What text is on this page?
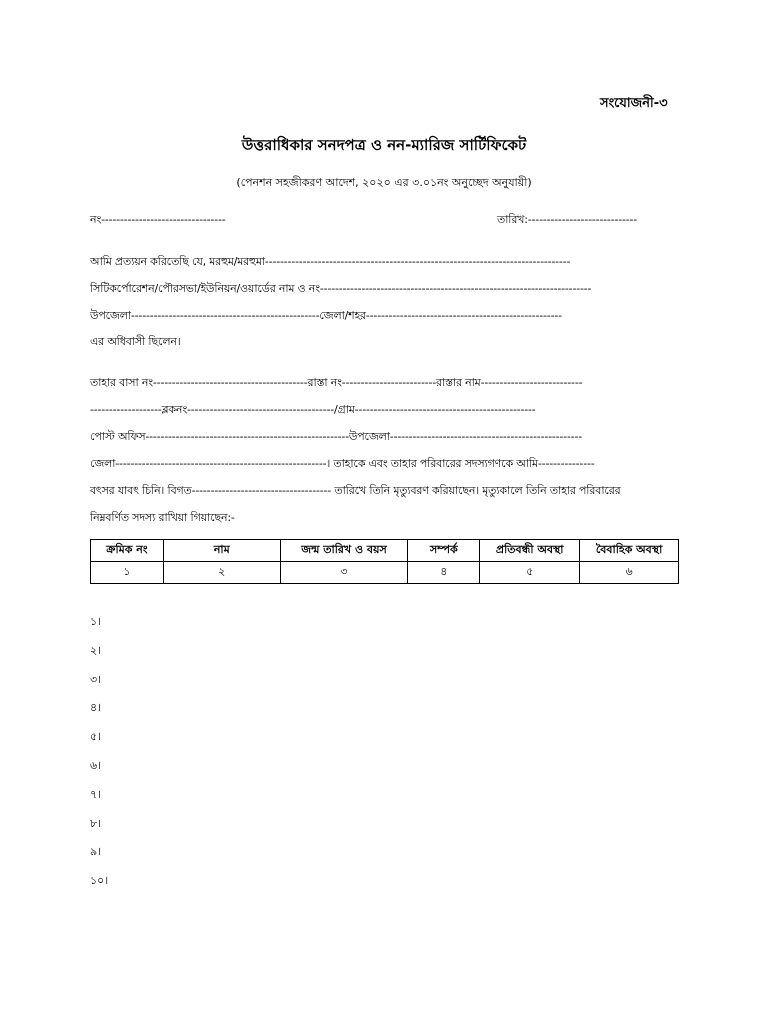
সংযোজনী-৩
উত্তরাধিকার সনদপত্র ও নন-ম্যারিজ সার্টিফিকেট
(পেনশন সহজীকরণ আদেশ, ২০২০ এর ৩.০১নং অনুচ্ছেদ অনুযায়ী)
নং---------------------------------	তারিখ:-----------------------------
আমি প্রত্যয়ন করিতেছি যে, মরহুম/মরহুমা---------------------------------------------------------------------------------
সিটিকর্পোরেশন/পৌরসভা/ইউনিয়ন/ওয়ার্ডের নাম ও নং------------------------------------------------------------------------
উপজেলা--------------------------------------------------জেলা/শহর----------------------------------------------------
এর অধিবাসী ছিলেন।
তাহার বাসা নং-----------------------------------------রাস্তা নং-------------------------রাস্তার নাম---------------------------
-------------------ব্লকনং---------------------------------------/গ্রাম------------------------------------------------
পোস্ট অফিস------------------------------------------------------উপজেলা---------------------------------------------------
জেলা--------------------------------------------------------। তাহাকে এবং তাহার পরিবারের সদস্যগণকে আমি---------------
বৎসর যাবৎ চিনি। বিগত------------------------------------- তারিখে তিনি মৃত্যুবরণ করিয়াছেন। মৃত্যুকালে তিনি তাহার পরিবারের
নিম্নবর্ণিত সদস্য রাখিয়া গিয়াছেন:-
ক্রমিক নং	নাম	জন্ম তারিখ ও বয়স	সম্পর্ক	প্রতিবন্ধী অবস্থা	বৈবাহিক অবস্থা
১	২	৩	৪	৫	৬
১।
২।
৩।
৪।
৫।
৬।
৭।
৮।
৯।
১০।
